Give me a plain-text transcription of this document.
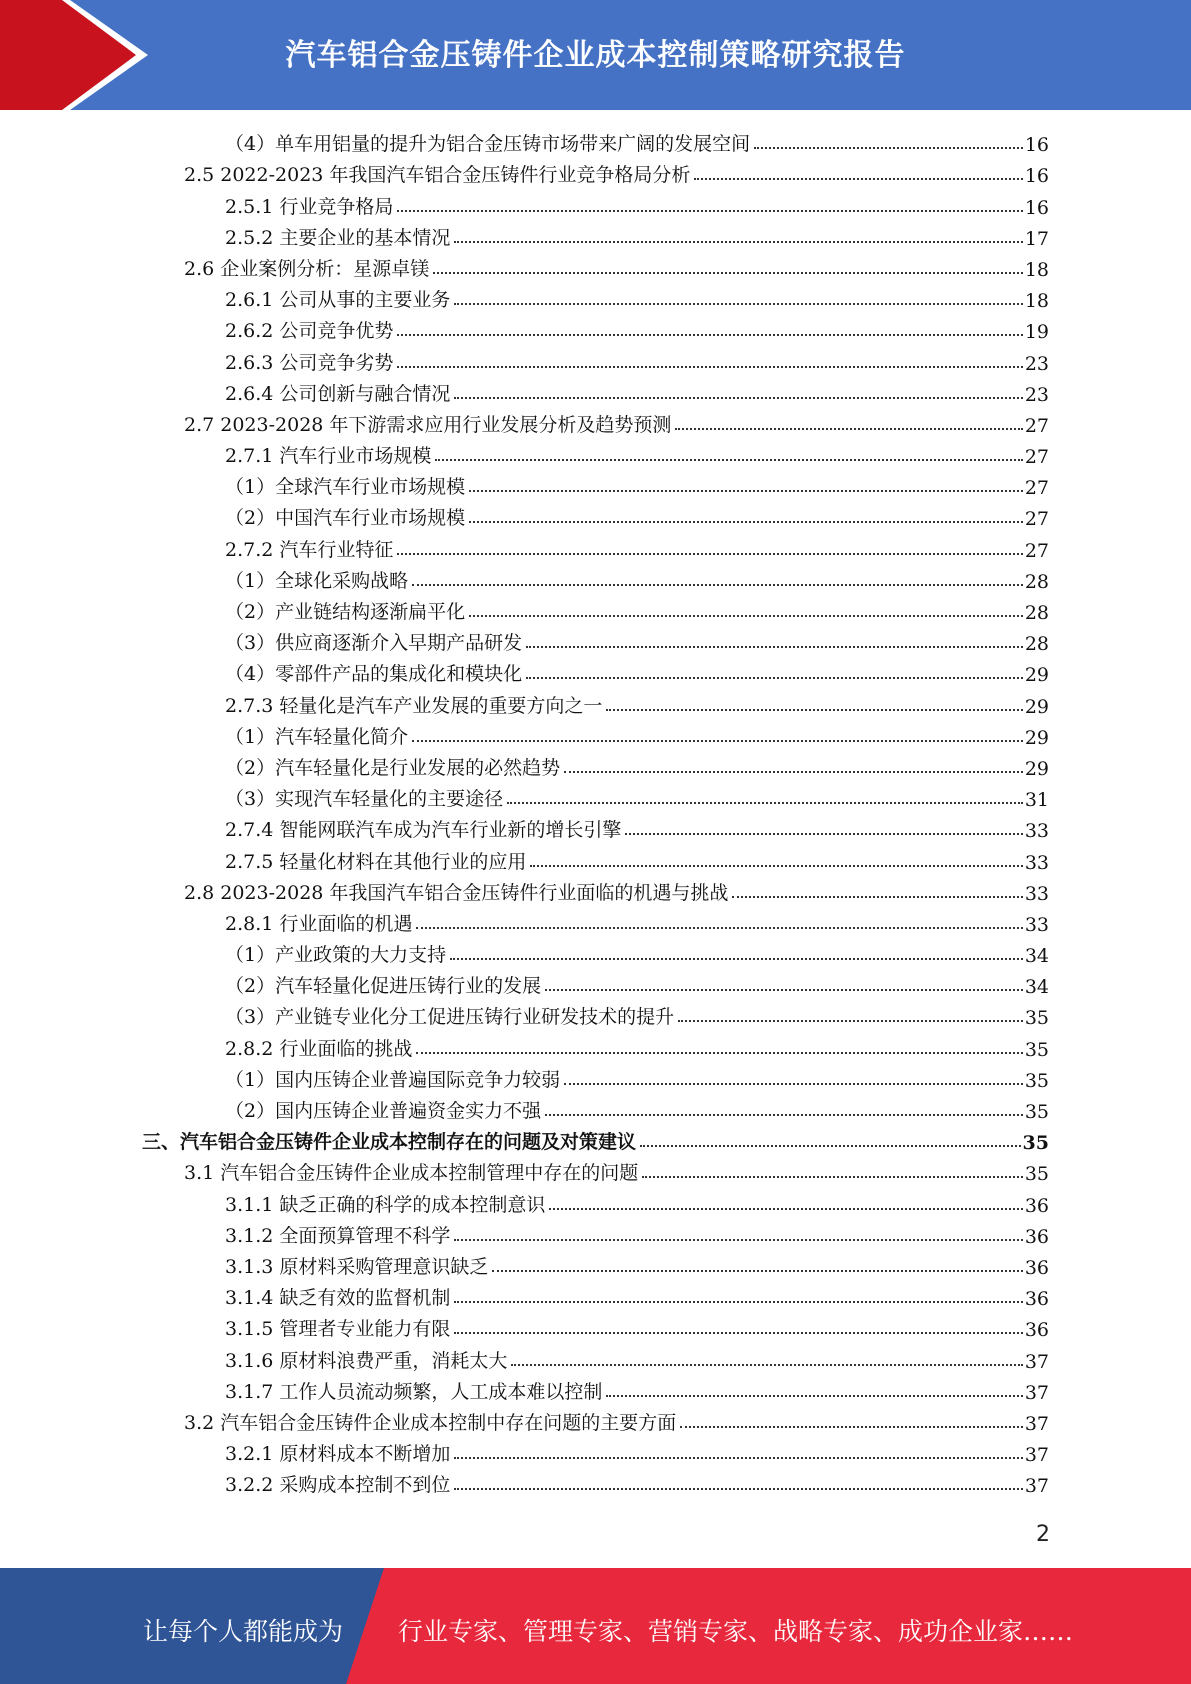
汽车铝合金压铸件企业成本控制策略研究报告
（4）单车用铝量的提升为铝合金压铸市场带来广阔的发展空间	16
2.5 2022-2023 年我国汽车铝合金压铸件行业竞争格局分析	16
2.5.1 行业竞争格局	16
2.5.2 主要企业的基本情况	17
2.6 企业案例分析：星源卓镁	18
2.6.1 公司从事的主要业务	18
2.6.2 公司竞争优势	19
2.6.3 公司竞争劣势	23
2.6.4 公司创新与融合情况	23
2.7 2023-2028 年下游需求应用行业发展分析及趋势预测	27
2.7.1 汽车行业市场规模	27
（1）全球汽车行业市场规模	27
（2）中国汽车行业市场规模	27
2.7.2 汽车行业特征	27
（1）全球化采购战略	28
（2）产业链结构逐渐扁平化	28
（3）供应商逐渐介入早期产品研发	28
（4）零部件产品的集成化和模块化	29
2.7.3 轻量化是汽车产业发展的重要方向之一	29
（1）汽车轻量化简介	29
（2）汽车轻量化是行业发展的必然趋势	29
（3）实现汽车轻量化的主要途径	31
2.7.4 智能网联汽车成为汽车行业新的增长引擎	33
2.7.5 轻量化材料在其他行业的应用	33
2.8 2023-2028 年我国汽车铝合金压铸件行业面临的机遇与挑战	33
2.8.1 行业面临的机遇	33
（1）产业政策的大力支持	34
（2）汽车轻量化促进压铸行业的发展	34
（3）产业链专业化分工促进压铸行业研发技术的提升	35
2.8.2 行业面临的挑战	35
（1）国内压铸企业普遍国际竞争力较弱	35
（2）国内压铸企业普遍资金实力不强	35
三、汽车铝合金压铸件企业成本控制存在的问题及对策建议	35
3.1 汽车铝合金压铸件企业成本控制管理中存在的问题	35
3.1.1 缺乏正确的科学的成本控制意识	36
3.1.2 全面预算管理不科学	36
3.1.3 原材料采购管理意识缺乏	36
3.1.4 缺乏有效的监督机制	36
3.1.5 管理者专业能力有限	36
3.1.6 原材料浪费严重，消耗太大	37
3.1.7 工作人员流动频繁，人工成本难以控制	37
3.2 汽车铝合金压铸件企业成本控制中存在问题的主要方面	37
3.2.1 原材料成本不断增加	37
3.2.2 采购成本控制不到位	37
2
让每个人都能成为 行业专家、管理专家、营销专家、战略专家、成功企业家……
